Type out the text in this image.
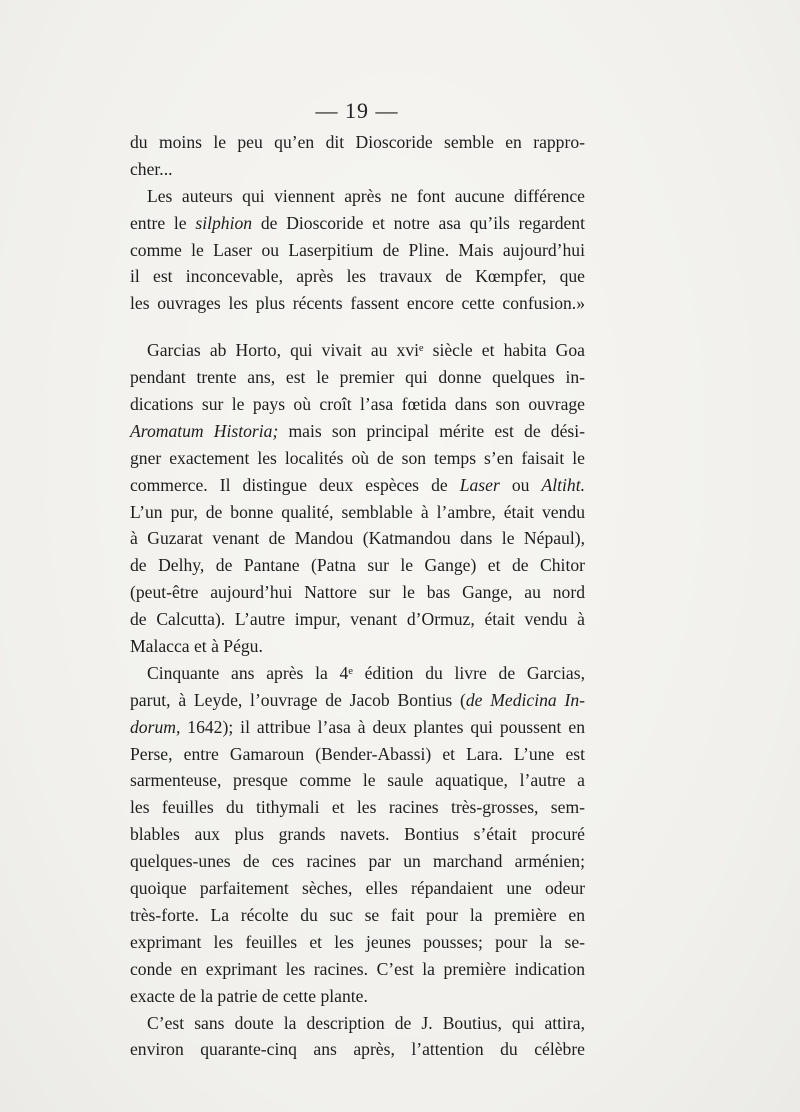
— 19 —
du moins le peu qu’en dit Dioscoride semble en rappro-
cher...
Les auteurs qui viennent après ne font aucune différence
entre le silphion de Dioscoride et notre asa qu’ils regardent
comme le Laser ou Laserpitium de Pline. Mais aujourd’hui
il est inconcevable, après les travaux de Kœmpfer, que
les ouvrages les plus récents fassent encore cette confusion.»
Garcias ab Horto, qui vivait au xviᵉ siècle et habita Goa
pendant trente ans, est le premier qui donne quelques in-
dications sur le pays où croît l’asa fœtida dans son ouvrage
Aromatum Historia; mais son principal mérite est de dési-
gner exactement les localités où de son temps s’en faisait le
commerce. Il distingue deux espèces de Laser ou Altiht.
L’un pur, de bonne qualité, semblable à l’ambre, était vendu
à Guzarat venant de Mandou (Katmandou dans le Népaul),
de Delhy, de Pantane (Patna sur le Gange) et de Chitor
(peut-être aujourd’hui Nattore sur le bas Gange, au nord
de Calcutta). L’autre impur, venant d’Ormuz, était vendu à
Malacca et à Pégu.
Cinquante ans après la 4ᵉ édition du livre de Garcias,
parut, à Leyde, l’ouvrage de Jacob Bontius (de Medicina In-
dorum, 1642); il attribue l’asa à deux plantes qui poussent en
Perse, entre Gamaroun (Bender-Abassi) et Lara. L’une est
sarmenteuse, presque comme le saule aquatique, l’autre a
les feuilles du tithymali et les racines très-grosses, sem-
blables aux plus grands navets. Bontius s’était procuré
quelques-unes de ces racines par un marchand arménien;
quoique parfaitement sèches, elles répandaient une odeur
très-forte. La récolte du suc se fait pour la première en
exprimant les feuilles et les jeunes pousses; pour la se-
conde en exprimant les racines. C’est la première indication
exacte de la patrie de cette plante.
C’est sans doute la description de J. Boutius, qui attira,
environ quarante-cinq ans après, l’attention du célèbre
